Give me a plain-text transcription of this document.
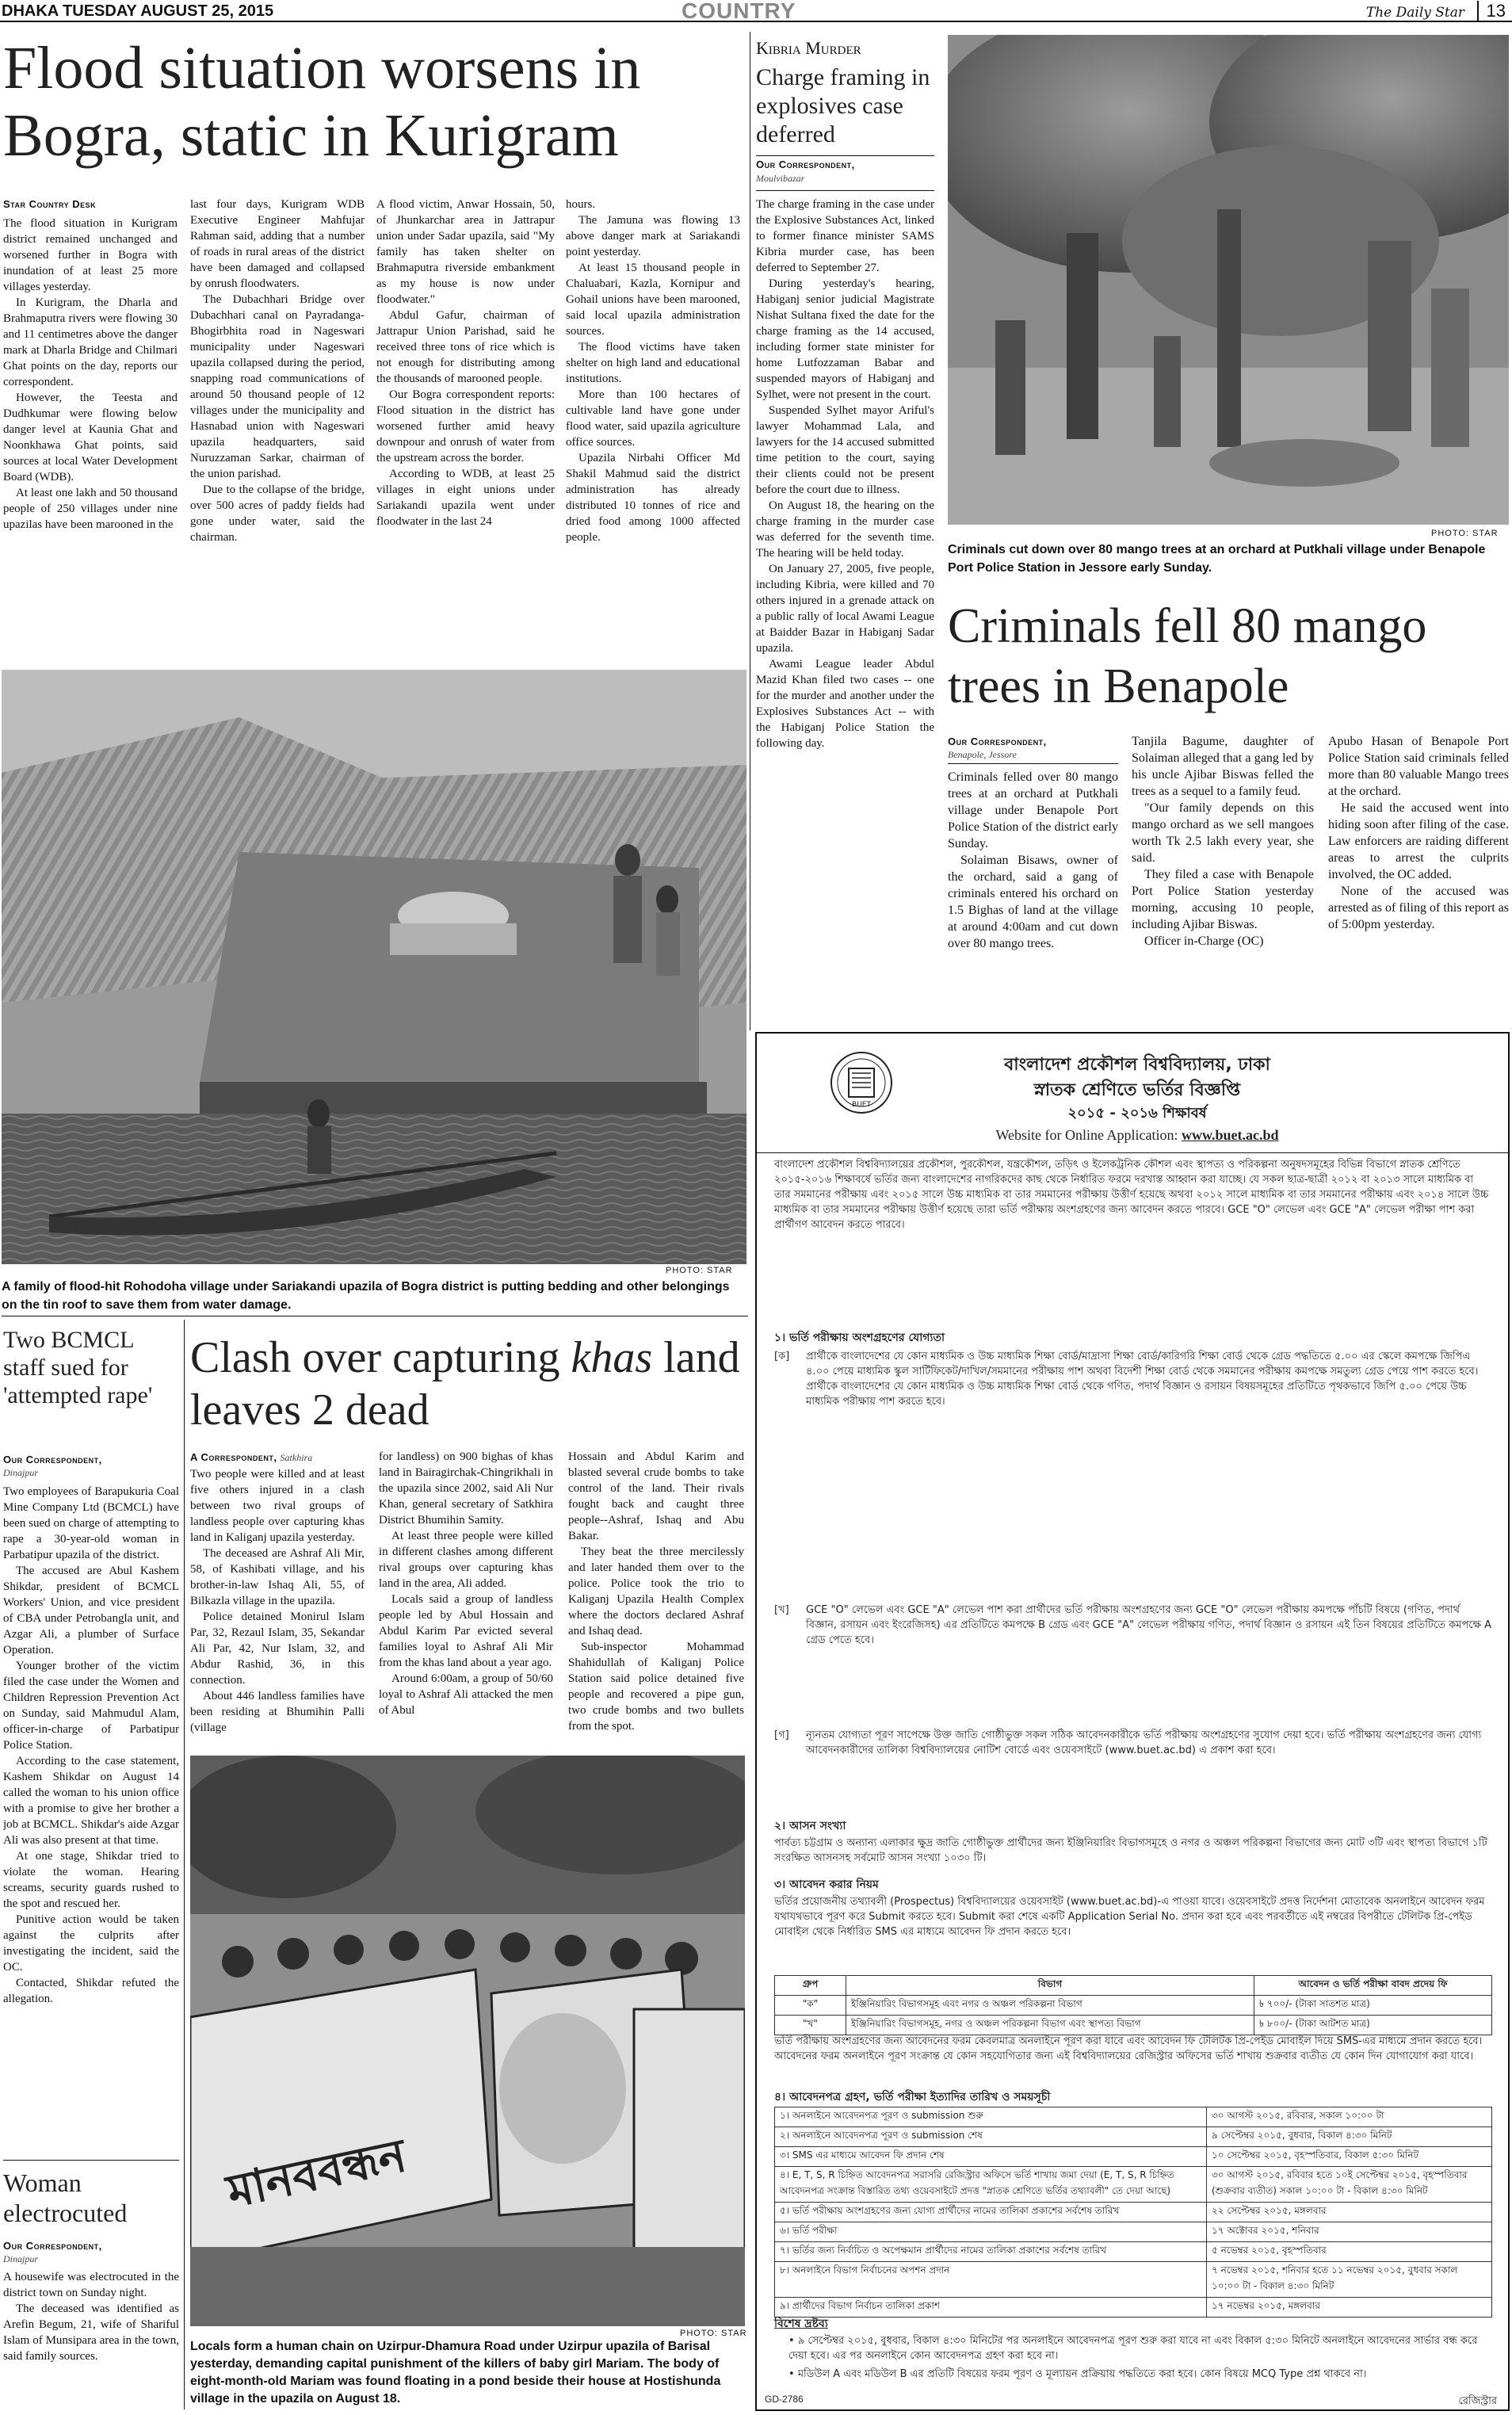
DHAKA TUESDAY AUGUST 25, 2015	COUNTRY	The Daily Star 13
Flood situation worsens in Bogra, static in Kurigram
Star Country Desk

The flood situation in Kurigram district remained unchanged and worsened further in Bogra with inundation of at least 25 more villages yesterday.

In Kurigram, the Dharla and Brahmaputra rivers were flowing 30 and 11 centimetres above the danger mark at Dharla Bridge and Chilmari Ghat points on the day, reports our correspondent.

However, the Teesta and Dudhkumar were flowing below danger level at Kaunia Ghat and Noonkhawa Ghat points, said sources at local Water Development Board (WDB).

At least one lakh and 50 thousand people of 250 villages under nine upazilas have been marooned in the

last four days, Kurigram WDB Executive Engineer Mahfujar Rahman said, adding that a number of roads in rural areas of the district have been damaged and collapsed by onrush floodwaters.

The Dubachhari Bridge over Dubachhari canal on Payradanga-Bhogirbhita road in Nageswari municipality under Nageswari upazila collapsed during the period, snapping road communications of around 50 thousand people of 12 villages under the municipality and Hasnabad union with Nageswari upazila headquarters, said Nuruzzaman Sarkar, chairman of the union parishad.

Due to the collapse of the bridge, over 500 acres of paddy fields had gone under water, said the chairman.

A flood victim, Anwar Hossain, 50, of Jhunkarchar area in Jattrapur union under Sadar upazila, said "My family has taken shelter on Brahmaputra riverside embankment as my house is now under floodwater."

Abdul Gafur, chairman of Jattrapur Union Parishad, said he received three tons of rice which is not enough for distributing among the thousands of marooned people.

Our Bogra correspondent reports: Flood situation in the district has worsened further amid heavy downpour and onrush of water from the upstream across the border.

According to WDB, at least 25 villages in eight unions under Sariakandi upazila went under floodwater in the last 24

hours.

The Jamuna was flowing 13 above danger mark at Sariakandi point yesterday.

At least 15 thousand people in Chaluabari, Kazla, Kornipur and Gohail unions have been marooned, said local upazila administration sources.

The flood victims have taken shelter on high land and educational institutions.

More than 100 hectares of cultivable land have gone under flood water, said upazila agriculture office sources.

Upazila Nirbahi Officer Md Shakil Mahmud said the district administration has already distributed 10 tonnes of rice and dried food among 1000 affected people.

PHOTO: STAR
A family of flood-hit Rohodoha village under Sariakandi upazila of Bogra district is putting bedding and other belongings on the tin roof to save them from water damage.
Kibria Murder
Charge framing in explosives case deferred
Our Correspondent,
Moulvibazar

The charge framing in the case under the Explosive Substances Act, linked to former finance minister SAMS Kibria murder case, has been deferred to September 27.

During yesterday's hearing, Habiganj senior judicial Magistrate Nishat Sultana fixed the date for the charge framing as the 14 accused, including former state minister for home Lutfozzaman Babar and suspended mayors of Habiganj and Sylhet, were not present in the court.

Suspended Sylhet mayor Ariful's lawyer Mohammad Lala, and lawyers for the 14 accused submitted time petition to the court, saying their clients could not be present before the court due to illness.

On August 18, the hearing on the charge framing in the murder case was deferred for the seventh time. The hearing will be held today.

On January 27, 2005, five people, including Kibria, were killed and 70 others injured in a grenade attack on a public rally of local Awami League at Baidder Bazar in Habiganj Sadar upazila.

Awami League leader Abdul Mazid Khan filed two cases -- one for the murder and another under the Explosives Substances Act -- with the Habiganj Police Station the following day.

PHOTO: STAR
Criminals cut down over 80 mango trees at an orchard at Putkhali village under Benapole Port Police Station in Jessore early Sunday.
Criminals fell 80 mango trees in Benapole
Our Correspondent,
Benapole, Jessore

Criminals felled over 80 mango trees at an orchard at Putkhali village under Benapole Port Police Station of the district early Sunday.

Solaiman Bisaws, owner of the orchard, said a gang of criminals entered his orchard on 1.5 Bighas of land at the village at around 4:00am and cut down over 80 mango trees.

Tanjila Bagume, daughter of Solaiman alleged that a gang led by his uncle Ajibar Biswas felled the trees as a sequel to a family feud.

"Our family depends on this mango orchard as we sell mangoes worth Tk 2.5 lakh every year, she said.

They filed a case with Benapole Port Police Station yesterday morning, accusing 10 people, including Ajibar Biswas.

Officer in-Charge (OC)

Apubo Hasan of Benapole Port Police Station said criminals felled more than 80 valuable Mango trees at the orchard.

He said the accused went into hiding soon after filing of the case. Law enforcers are raiding different areas to arrest the culprits involved, the OC added.

None of the accused was arrested as of filing of this report as of 5:00pm yesterday.

Two BCMCL staff sued for 'attempted rape'
Our Correspondent,
Dinajpur

Two employees of Barapukuria Coal Mine Company Ltd (BCMCL) have been sued on charge of attempting to rape a 30-year-old woman in Parbatipur upazila of the district.

The accused are Abul Kashem Shikdar, president of BCMCL Workers' Union, and vice president of CBA under Petrobangla unit, and Azgar Ali, a plumber of Surface Operation.

Younger brother of the victim filed the case under the Women and Children Repression Prevention Act on Sunday, said Mahmudul Alam, officer-in-charge of Parbatipur Police Station.

According to the case statement, Kashem Shikdar on August 14 called the woman to his union office with a promise to give her brother a job at BCMCL. Shikdar's aide Azgar Ali was also present at that time.

At one stage, Shikdar tried to violate the woman. Hearing screams, security guards rushed to the spot and rescued her.

Punitive action would be taken against the culprits after investigating the incident, said the OC.

Contacted, Shikdar refuted the allegation.

Woman electrocuted
Our Correspondent,
Dinajpur

A housewife was electrocuted in the district town on Sunday night.

The deceased was identified as Arefin Begum, 21, wife of Shariful Islam of Munsipara area in the town, said family sources.

Clash over capturing khas land leaves 2 dead
A Correspondent, Satkhira

Two people were killed and at least five others injured in a clash between two rival groups of landless people over capturing khas land in Kaliganj upazila yesterday.

The deceased are Ashraf Ali Mir, 58, of Kashibati village, and his brother-in-law Ishaq Ali, 55, of Bilkazla village in the upazila.

Police detained Monirul Islam Par, 32, Rezaul Islam, 35, Sekandar Ali Par, 42, Nur Islam, 32, and Abdur Rashid, 36, in this connection.

About 446 landless families have been residing at Bhumihin Palli (village

for landless) on 900 bighas of khas land in Bairagirchak-Chingrikhali in the upazila since 2002, said Ali Nur Khan, general secretary of Satkhira District Bhumihin Samity.

At least three people were killed in different clashes among different rival groups over capturing khas land in the area, Ali added.

Locals said a group of landless people led by Abul Hossain and Abdul Karim Par evicted several families loyal to Ashraf Ali Mir from the khas land about a year ago.

Around 6:00am, a group of 50/60 loyal to Ashraf Ali attacked the men of Abul

Hossain and Abdul Karim and blasted several crude bombs to take control of the land. Their rivals fought back and caught three people--Ashraf, Ishaq and Abu Bakar.

They beat the three mercilessly and later handed them over to the police. Police took the trio to Kaliganj Upazila Health Complex where the doctors declared Ashraf and Ishaq dead.

Sub-inspector Mohammad Shahidullah of Kaliganj Police Station said police detained five people and recovered a pipe gun, two crude bombs and two bullets from the spot.

মানববন্ধন
PHOTO: STAR
Locals form a human chain on Uzirpur-Dhamura Road under Uzirpur upazila of Barisal yesterday, demanding capital punishment of the killers of baby girl Mariam. The body of eight-month-old Mariam was found floating in a pond beside their house at Hostishunda village in the upazila on August 18.
BUET
বাংলাদেশ প্রকৌশল বিশ্ববিদ্যালয়, ঢাকা
স্নাতক শ্রেণিতে ভর্তির বিজ্ঞপ্তি
২০১৫ - ২০১৬ শিক্ষাবর্ষ
Website for Online Application: www.buet.ac.bd
বাংলাদেশ প্রকৌশল বিশ্ববিদ্যালয়ের প্রকৌশল, পুরকৌশল, যন্ত্রকৌশল, তড়িৎ ও ইলেকট্রনিক কৌশল এবং স্থাপত্য ও পরিকল্পনা অনুষদসমূহের বিভিন্ন বিভাগে স্নাতক শ্রেণিতে ২০১৫-২০১৬ শিক্ষাবর্ষে ভর্তির জন্য বাংলাদেশের নাগরিকদের কাছ থেকে নির্ধারিত ফরমে দরখাস্ত আহ্বান করা যাচ্ছে। যে সকল ছাত্র-ছাত্রী ২০১২ বা ২০১৩ সালে মাধ্যমিক বা তার সমমানের পরীক্ষায় এবং ২০১৫ সালে উচ্চ মাধ্যমিক বা তার সমমানের পরীক্ষায় উত্তীর্ণ হয়েছে অথবা ২০১২ সালে মাধ্যমিক বা তার সমমানের পরীক্ষায় এবং ২০১৪ সালে উচ্চ মাধ্যমিক বা তার সমমানের পরীক্ষায় উত্তীর্ণ হয়েছে তারা ভর্তি পরীক্ষায় অংশগ্রহণের জন্য আবেদন করতে পারবে। GCE "O" লেভেল এবং GCE "A" লেভেল পরীক্ষা পাশ করা প্রার্থীগণ আবেদন করতে পারবে।
১। ভর্তি পরীক্ষায় অংশগ্রহণের যোগ্যতা
[ক]	প্রার্থীকে বাংলাদেশের যে কোন মাধ্যমিক ও উচ্চ মাধ্যমিক শিক্ষা বোর্ড/মাদ্রাসা শিক্ষা বোর্ড/কারিগরি শিক্ষা বোর্ড থেকে গ্রেড পদ্ধতিতে ৫.০০ এর স্কেলে কমপক্ষে জিপিএ ৪.০০ পেয়ে মাধ্যমিক স্কুল সার্টিফিকেট/দাখিল/সমমানের পরীক্ষায় পাশ অথবা বিদেশী শিক্ষা বোর্ড থেকে সমমানের পরীক্ষায় কমপক্ষে সমতুল্য গ্রেড পেয়ে পাশ করতে হবে। প্রার্থীকে বাংলাদেশের যে কোন মাধ্যমিক ও উচ্চ মাধ্যমিক শিক্ষা বোর্ড থেকে গণিত, পদার্থ বিজ্ঞান ও রসায়ন বিষয়সমূহের প্রতিটিতে পৃথকভাবে জিপি ৫.০০ পেয়ে উচ্চ মাধ্যমিক পরীক্ষায় পাশ করতে হবে।
[খ] GCE "O" লেভেল এবং GCE "A" লেভেল পাশ করা প্রার্থীদের ভর্তি পরীক্ষায় অংশগ্রহণের জন্য GCE "O" লেভেল পরীক্ষায় কমপক্ষে পাঁচটি বিষয়ে (গণিত, পদার্থ বিজ্ঞান, রসায়ন এবং ইংরেজিসহ) এর প্রতিটিতে কমপক্ষে B গ্রেড এবং GCE "A" লেভেল পরীক্ষায় গণিত, পদার্থ বিজ্ঞান ও রসায়ন এই তিন বিষয়ের প্রতিটিতে কমপক্ষে A গ্রেড পেতে হবে।
[গ] ন্যূনতম যোগ্যতা পূরণ সাপেক্ষে উক্ত জাতি গোষ্ঠীভুক্ত সকল সঠিক আবেদনকারীকে ভর্তি পরীক্ষায় অংশগ্রহণের সুযোগ দেয়া হবে। ভর্তি পরীক্ষায় অংশগ্রহণের জন্য যোগ্য আবেদনকারীদের তালিকা বিশ্ববিদ্যালয়ের নোটিশ বোর্ডে এবং ওয়েবসাইটে (www.buet.ac.bd) এ প্রকাশ করা হবে।
২। আসন সংখ্যা
পার্বত্য চট্টগ্রাম ও অন্যান্য এলাকার ক্ষুদ্র জাতি গোষ্ঠীভুক্ত প্রার্থীদের জন্য ইঞ্জিনিয়ারিং বিভাগসমূহে ও নগর ও অঞ্চল পরিকল্পনা বিভাগের জন্য মোট ৩টি এবং স্থাপত্য বিভাগে ১টি সংরক্ষিত আসনসহ সর্বমোট আসন সংখ্যা ১০৩০ টি।
৩। আবেদন করার নিয়ম
ভর্তির প্রয়োজনীয় তথ্যাবলী (Prospectus) বিশ্ববিদ্যালয়ের ওয়েবসাইট (www.buet.ac.bd)-এ পাওয়া যাবে। ওয়েবসাইটে প্রদত্ত নির্দেশনা মোতাবেক অনলাইনে আবেদন ফরম যথাযথভাবে পূরণ করে Submit করতে হবে। Submit করা শেষে একটি Application Serial No. প্রদান করা হবে এবং পরবর্তীতে এই নম্বরের বিপরীতে টেলিটক প্রি-পেইড মোবাইল থেকে নির্ধারিত SMS এর মাধ্যমে আবেদন ফি প্রদান করতে হবে।
গ্রুপ	বিভাগ	আবেদন ও ভর্তি পরীক্ষা বাবদ প্রদেয় ফি
"ক"	ইঞ্জিনিয়ারিং বিভাগসমূহ এবং নগর ও অঞ্চল পরিকল্পনা বিভাগ	৳ ৭০০/- (টাকা সাতশত মাত্র)
"খ"	ইঞ্জিনিয়ারিং বিভাগসমূহ, নগর ও অঞ্চল পরিকল্পনা বিভাগ এবং স্থাপত্য বিভাগ	৳ ৮০০/- (টাকা আটশত মাত্র)
ভর্তি পরীক্ষায় অংশগ্রহণের জন্য আবেদনের ফরম কেবলমাত্র অনলাইনে পূরণ করা যাবে এবং আবেদন ফি টেলিটক প্রি-পেইড মোবাইল দিয়ে SMS-এর মাধ্যমে প্রদান করতে হবে। আবেদনের ফরম অনলাইনে পূরণ সংক্রান্ত যে কোন সহযোগিতার জন্য এই বিশ্ববিদ্যালয়ের রেজিস্ট্রার অফিসের ভর্তি শাখায় শুক্রবার ব্যতীত যে কোন দিন যোগাযোগ করা যাবে।
৪। আবেদনপত্র গ্রহণ, ভর্তি পরীক্ষা ইত্যাদির তারিখ ও সময়সূচী
১। অনলাইনে আবেদনপত্র পূরণ ও submission শুরু	৩০ আগস্ট ২০১৫, রবিবার, সকাল ১০:০০ টা
২। অনলাইনে আবেদনপত্র পূরণ ও submission শেষ	৯ সেপ্টেম্বর ২০১৫, বুধবার, বিকাল ৪:৩০ মিনিট
৩। SMS এর মাধ্যমে আবেদন ফি প্রদান শেষ	১০ সেপ্টেম্বর ২০১৫, বৃহস্পতিবার, বিকাল ৫:৩০ মিনিট
৪। E, T, S, R চিহ্নিত আবেদনপত্র সরাসরি রেজিস্ট্রার অফিসে ভর্তি শাখায় জমা দেয়া (E, T, S, R চিহ্নিত আবেদনপত্র সংক্রান্ত বিস্তারিত তথ্য ওয়েবসাইটে প্রদত্ত "স্নাতক শ্রেণিতে ভর্তির তথ্যাবলী" তে দেয়া আছে)	৩০ আগস্ট ২০১৫, রবিবার হতে ১০ই সেপ্টেম্বর ২০১৫, বৃহস্পতিবার (শুক্রবার ব্যতীত) সকাল ১০:০০ টা - বিকাল ৪:৩০ মিনিট
৫। ভর্তি পরীক্ষায় অংশগ্রহণের জন্য যোগ্য প্রার্থীদের নামের তালিকা প্রকাশের সর্বশেষ তারিখ	২২ সেপ্টেম্বর ২০১৫, মঙ্গলবার
৬। ভর্তি পরীক্ষা	১৭ অক্টোবর ২০১৫, শনিবার
৭। ভর্তির জন্য নির্বাচিত ও অপেক্ষমান প্রার্থীদের নামের তালিকা প্রকাশের সর্বশেষ তারিখ	৫ নভেম্বর ২০১৫, বৃহস্পতিবার
৮। অনলাইনে বিভাগ নির্বাচনের অপশন প্রদান	৭ নভেম্বর ২০১৫, শনিবার হতে ১১ নভেম্বর ২০১৫, বুধবার সকাল ১০:০০ টা - বিকাল ৪:৩০ মিনিট
৯। প্রার্থীদের বিভাগ নির্বাচন তালিকা প্রকাশ	১৭ নভেম্বর ২০১৫, মঙ্গলবার
বিশেষ দ্রষ্টব্য
• ৯ সেপ্টেম্বর ২০১৫, বুধবার, বিকাল ৪:৩০ মিনিটের পর অনলাইনে আবেদনপত্র পূরণ শুরু করা যাবে না এবং বিকাল ৫:৩০ মিনিটে অনলাইনে আবেদনের সার্ভার বন্ধ করে দেয়া হবে। এর পর অনলাইনে কোন আবেদনপত্র গ্রহণ করা হবে না।
• মডিউল A এবং মডিউল B এর প্রতিটি বিষয়ের ফরম পূরণ ও মূল্যায়ন প্রক্রিয়ায় পদ্ধতিতে করা হবে। কোন বিষয়ে MCQ Type প্রশ্ন থাকবে না।
GD-2786	রেজিস্ট্রার
